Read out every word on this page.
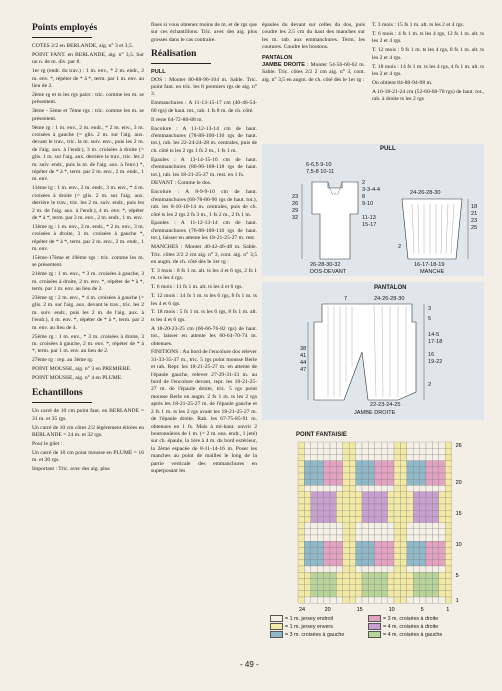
Points employés

COTES 2/2 en BERLANDE, aig. n° 3 et 3,5.

POINT FANT. en BERLANDE, aig. n° 3,5. Sur un n. de m. div. par 8.

1er rg (endr. du trav.) : 1 m. env., * 2 m. endr., 2 m. env. *, répéter de * à *, term. par 1 m. env. au lieu de 2.

2ème rg et ts les rgs pairs : tric. comme les m. se présentent.

3ème - 5ème et 7ème rgs : tric. comme les m. se présentent.

9ème rg : 1 m. env., 2 m. endr., * 2 m. env., 3 m. croisées à gauche (= glis. 2 m. sur l'aig. aux. devant le trav., tric. la m. suiv. env., puis les 2 m. de l'aig. aux. à l'endr.), 3 m. croisées à droite (= glis. 1 m. sur l'aig. aux. derrière le trav., tric. les 2 m. suiv. endr., puis la m. de l'aig. aux. à l'env.) *, répéter de * à *, term. par 2 m. env., 2 m. endr., 1 m. env.

11ème rg : 1 m. env., 2 m. endr., 3 m. env., * 4 m. croisées à droite (= glis. 2 m. sur l'aig. aux. derrière le trav., tric. les 2 m. suiv. endr., puis les 2 m. de l'aig. aux. à l'endr.), 4 m. env. *, répéter de * à *, term. par 3 m. env., 2 m. endr., 1 m. env.

13ème rg : 1 m. env., 2 m. endr., * 2 m. env., 3 m. croisées à droite, 3 m. croisées à gauche *, répéter de * à *, term. par 2 m. env., 2 m. endr., 1 m. env.

15ème-17ème et 19ème rgs : tric. comme les m. se présentent.

21ème rg : 1 m. env., * 3 m. croisées à gauche, 3 m. croisées à droite, 2 m. env. *, répéter de * à *, term. par 1 m. env. au lieu de 2.

23ème rg : 2 m. env., * 4 m. croisées à gauche (= glis. 2 m. sur l'aig. aux. devant le trav., tric. les 2 m. suiv. endr., puis les 2 m. de l'aig. aux. à l'endr.), 4 m. env. *, répéter de * à *, term. par 2 m. env. au lieu de 4.

25ème rg : 1 m. env., * 3 m. croisées à droite, 3 m. croisées à gauche, 2 m. env. *, répéter de * à *, term. par 1 m. env. au lieu de 2.

27ème rg : rep. au 3ème rg.

POINT MOUSSE, aig. n° 3 en PREMIERE.

POINT MOUSSE, aig. n° 4 en PLUME.

Echantillons

Un carré de 10 cm point fant. en BERLANDE = 31 m. et 35 rgs.

Un carré de 10 cm côtes 2/2 légèrement étirées en BERLANDE = 24 m. et 32 rgs.

Pour le gilet :

Un carré de 10 cm point mousse en PLUME = 16 m. et 30 rgs.

Important : Tric. avec des aig. plus

fines si vous obtenez moins de m. et de rgs que sur ces échantillons. Tric. avec des aig. plus grosses dans le cas contraire.

Réalisation
PULL

DOS : Monter 80-88-96-104 m. Sable. Tric. point fant. en tric. les 8 premiers rgs de aig. n° 3.

Emmanchures : A 11-13-15-17 cm (40-46-54-60 rgs) de haut. tot., rab. 1 fs 8 m. de ch. côté.

Il reste 64-72-80-88 m.

Encolure : A 11-12-13-14 cm de haut. d'emmanchures (78-88-100-110 rgs de haut. tot.), rab. les 22-24-24-28 m. centrales, puis de ch. côté ts les 2 rgs 1 fs 2 m., 1 fs 1 m.

Epaules : A 13-14-15-16 cm de haut. d'emmanchures (86-96-108-118 rgs de haut. tot.), rab. les 18-21-25-27 m. rest. en 1 fs.

DEVANT : Comme le dos.

Encolure : A 8-9-9-10 cm de haut. d'emmanchures (68-78-86-96 rgs de haut. tot.), rab. les 8-10-10-14 m. centrales, puis de ch. côté ts les 2 rgs 2 fs 3 m., 1 fs 2 m., 2 fs 1 m.

Epaules : A 11-12-13-14 cm de haut. d'emmanchures (76-88-100-110 rgs de haut. tot.), laisser en attente les 18-21-25-27 m. rest.

MANCHES : Monter 40-42-46-48 m. Sable. Tric. côtes 2/2 2 cm aig. n° 3, cont. aig. n° 3,5 en augm. de ch. côté dès le 1er rg :

T. 3 mois : 8 fs 1 m. alt. ts les 4 et 6 rgs, 2 fs 1 m. ts les 4 rgs.

T. 6 mois : 11 fs 1 m. alt. ts les 4 et 6 rgs.

T. 12 mois : 14 fs 1 m. ts les 6 rgs, 8 fs 1 m. ts les 4 et 6 rgs.

T. 18 mois : 5 fs 1 m. ts les 6 rgs, 8 fs 1 m. alt. ts les 4 et 6 rgs.

A 18-20-23-25 cm (60-66-76-82 rgs) de haut. tot., laisser en attente les 60-64-70-74 m. obtenues.

FINITIONS : Au bord de l'encolure dos relever 31-33-35-37 m., tric. 5 rgs point mousse Berle et rab. Repr. les 18-21-25-27 m. en attente de l'épaule gauche, relever 27-29-31-33 m. au bord de l'encolure devant, repr. les 18-21-25-27 m. de l'épaule droite, tric. 5 rgs point mousse Berle en augm. 2 fs 1 m. ts les 2 rgs après les 18-21-25-27 m. de l'épaule gauche et 2 fs 1 m. ts les 2 rgs avant les 18-21-25-27 m. de l'épaule droite. Rab. les 67-75-85-91 m. obtenues en 1 fs. Mais à mi-haut. ouvrir 2 boutonnières de 1 m. (= 2 m. ens. endr., 1 jeté) sur ch. épaule, la 1ère à 4 m. du bord extérieur, la 2ème espacée de 8-11-14-16 m. Poser les manches au point de mailles le long de la partie verticale des emmanchures en superposant les

épaules du devant sur celles du dos, puis coudre les 2,5 cm du haut des manches sur les m. rab. aux emmanchures. Term. les coutures. Coudre les boutons.

PANTALON

JAMBE DROITE : Monter 54-56-60-62 m. Sable. Tric. côtes 2/2 2 cm aig. n° 3, cont. aig. n° 3,5 en augm. de ch. côté dès le 1er rg :

T. 3 mois : 15 fs 1 m. alt. ts les 2 et 4 rgs.

T. 6 mois : 4 fs 1 m. ts les 4 rgs, 12 fs 1 m. alt. ts les 2 et 4 rgs.

T. 12 mois : 9 fs 1 m. ts les 4 rgs, 8 fs 1 m. alt. ts les 2 et 4 rgs.

T. 18 mois : 14 fs 1 m. ts les 4 rgs, 4 fs 1 m. alt. ts les 2 et 4 rgs.

On obtient 84-88-94-98 m.

A 16-18-21-24 cm (52-60-68-78 rgs) de haut. tot., rab. à droite ts les 2 rgs

PULL
6-6,5 9-10
7,5-8 10-11
23
26
29
32
2
3-3-4-4
8
9-10
11-13
15-17
26-28-30-32
DOS-DEVANT
24-26-28-30
18
21
23
25
2
16-17-18-19
MANCHE
PANTALON
7	24-26-28-30
3
5
14-5
17-18
16
19-22
2
38
41
44
47
22-23-24-25
JAMBE DROITE
POINT FANTAISIE
26
20
15
10
5
1
24	20	15	10	5	1
= 1 m. jersey endroit
= 1 m. jersey envers
= 3 m. croisées à gauche
= 3 m. croisées à droite
= 4 m. croisées à droite
= 4 m. croisées à gauche
- 49 -
